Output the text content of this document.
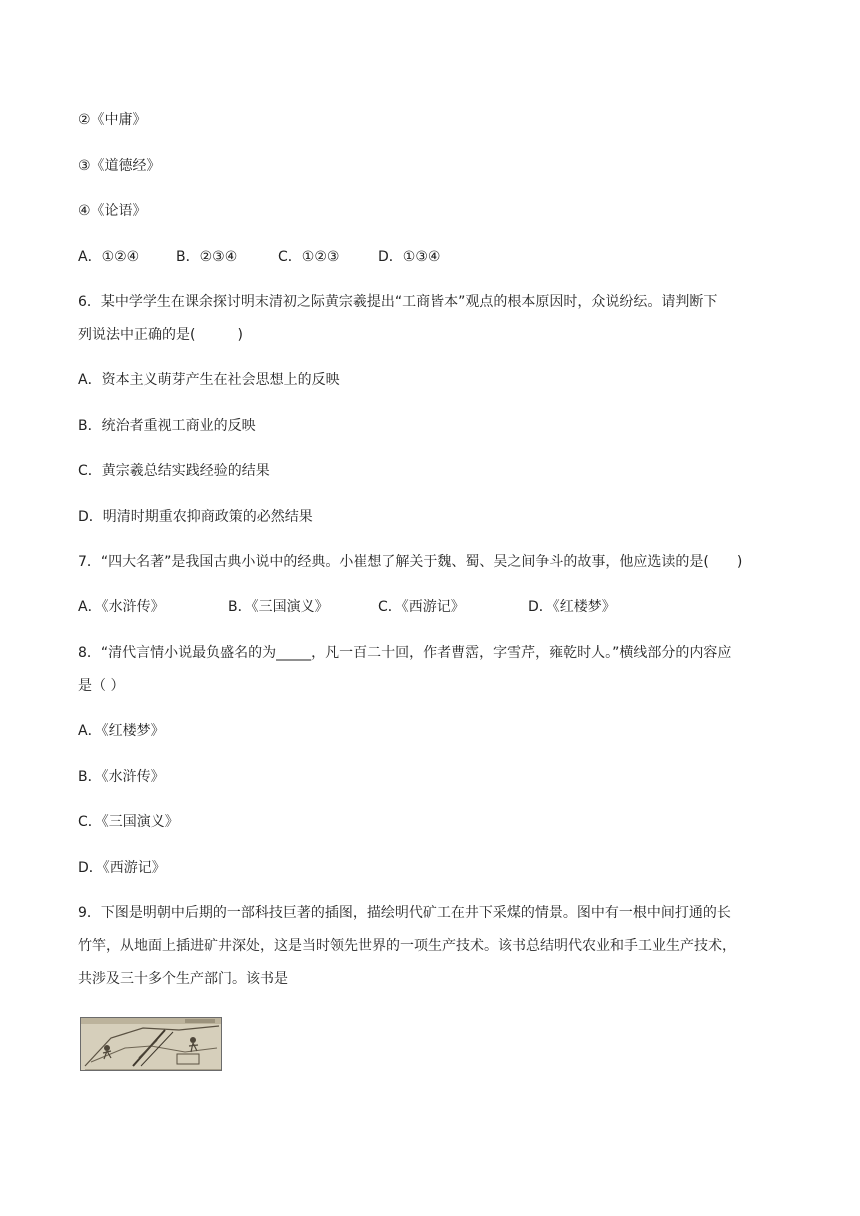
②《中庸》

③《道德经》

④《论语》

A．①②④	B．②③④	C．①②③	D．①③④

6．某中学学生在课余探讨明末清初之际黄宗羲提出“工商皆本”观点的根本原因时，众说纷纭。请判断下

列说法中正确的是(　　　)

A．资本主义萌芽产生在社会思想上的反映

B．统治者重视工商业的反映

C．黄宗羲总结实践经验的结果

D．明清时期重农抑商政策的必然结果

7．“四大名著”是我国古典小说中的经典。小崔想了解关于魏、蜀、吴之间争斗的故事，他应选读的是(　　)

A．《水浒传》	B．《三国演义》	C．《西游记》	D．《红楼梦》

8．“清代言情小说最负盛名的为_____，凡一百二十回，作者曹霑，字雪芹，雍乾时人。”横线部分的内容应

是（ ）

A．《红楼梦》

B．《水浒传》

C．《三国演义》

D．《西游记》

9．下图是明朝中后期的一部科技巨著的插图，描绘明代矿工在井下采煤的情景。图中有一根中间打通的长

竹竿，从地面上插进矿井深处，这是当时领先世界的一项生产技术。该书总结明代农业和手工业生产技术，

共涉及三十多个生产部门。该书是
